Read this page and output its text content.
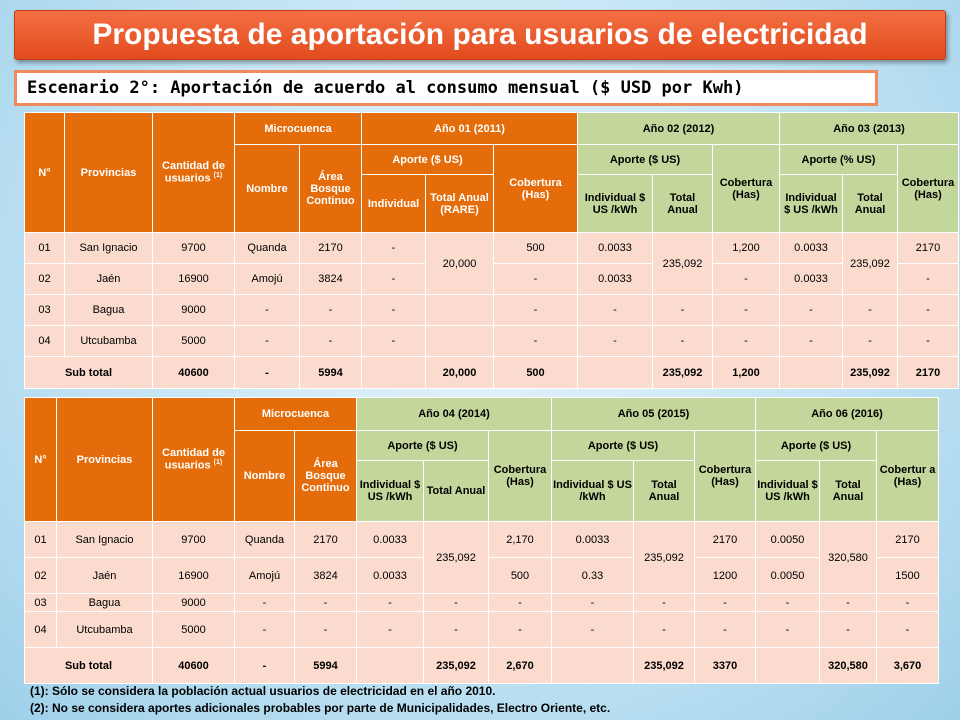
Propuesta de aportación para usuarios de electricidad
Escenario 2°: Aportación de acuerdo al consumo mensual ($ USD por Kwh)
N°	Provincias	Cantidad de usuarios $^{(1)}$	Microcuenca		Año 01 (2011)			Año 02 (2012)			Año 03 (2013)		
			Nombre	Área Bosque Continuo	Aporte ($ US)		Cobertura (Has)	Aporte ($ US)		Cobertura (Has)	Aporte (% US)		Cobertura (Has)
					Individual	Total Anual (RARE)		Individual $ US /kWh	Total Anual		Individual $ US /kWh	Total Anual	
01	San Ignacio	9700	Quanda	2170	-	20,000	500	0.0033	235,092	1,200	0.0033	235,092	2170
02	Jaén	16900	Amojú	3824	-		-	0.0033		-	0.0033		-
03	Bagua	9000	-	-	-		-	-	-	-	-	-	-
04	Utcubamba	5000	-	-	-		-	-	-	-	-	-	-
Sub total		40600	-	5994		20,000	500		235,092	1,200		235,092	2170
N°	Provincias	Cantidad de usuarios $^{(1)}$	Microcuenca		Año 04 (2014)			Año 05 (2015)			Año 06 (2016)		
			Nombre	Área Bosque Continuo	Aporte ($ US)		Cobertura (Has)	Aporte ($ US)		Cobertura (Has)	Aporte ($ US)		Cobertur a (Has)
					Individual $ US /kWh	Total Anual		Individual $ US /kWh	Total Anual		Individual $ US /kWh	Total Anual	
01	San Ignacio	9700	Quanda	2170	0.0033	235,092	2,170	0.0033	235,092	2170	0.0050	320,580	2170
02	Jaén	16900	Amojú	3824	0.0033		500	0.33		1200	0.0050		1500
03	Bagua	9000	-	-	-	-	-	-	-	-	-	-	-
04	Utcubamba	5000	-	-	-	-	-	-	-	-	-	-	-
Sub total		40600	-	5994		235,092	2,670		235,092	3370		320,580	3,670
(1): Sólo se considera la población actual usuarios de electricidad en el año 2010.
(2): No se considera aportes adicionales probables por parte de Municipalidades, Electro Oriente, etc.
